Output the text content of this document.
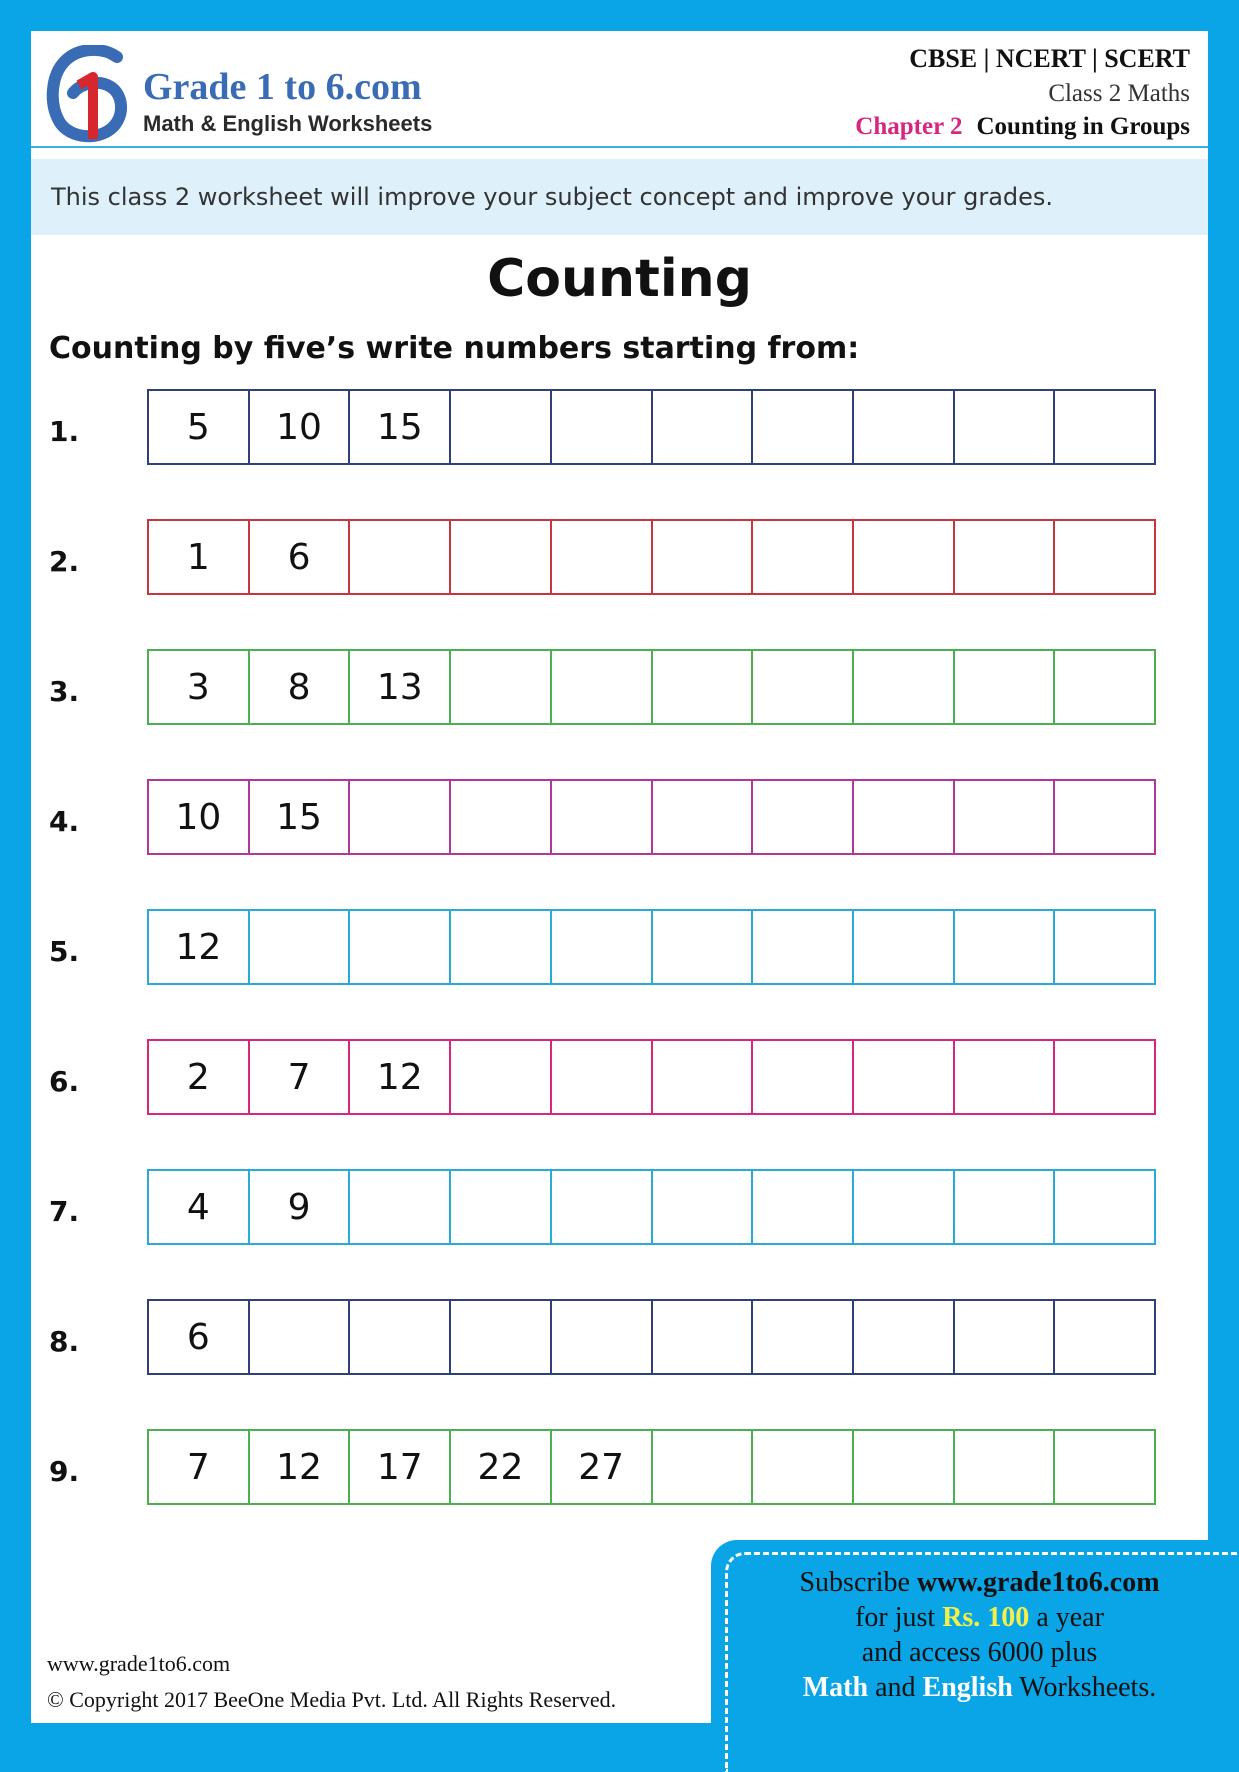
Grade 1 to 6.com
Math & English Worksheets
CBSE | NCERT | SCERT
Class 2 Maths
Chapter 2 Counting in Groups
This class 2 worksheet will improve your subject concept and improve your grades.
Counting
Counting by five’s write numbers starting from:
1.	5	10	15
2.	1	6
3.	3	8	13
4.	10	15
5.	12
6.	2	7	12
7.	4	9
8.	6
9.	7	12	17	22	27
www.grade1to6.com
© Copyright 2017 BeeOne Media Pvt. Ltd. All Rights Reserved.
Subscribe www.grade1to6.com
for just Rs. 100 a year
and access 6000 plus
Math and English Worksheets.
